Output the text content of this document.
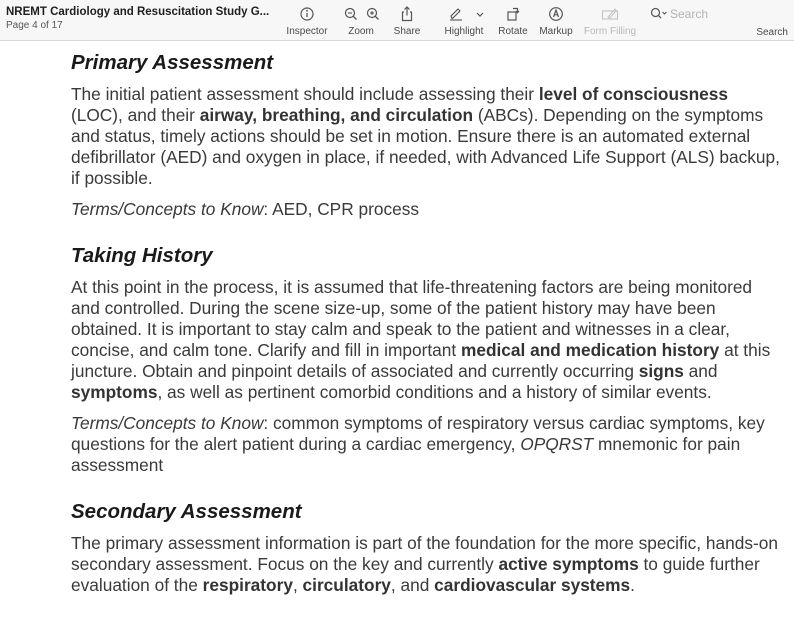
NREMT Cardiology and Resuscitation Study G...
Page 4 of 17
Inspector	Zoom	Share	Highlight	Rotate	Markup Form Filling
Search
Search
Primary Assessment

The initial patient assessment should include assessing their level of consciousness (LOC), and their airway, breathing, and circulation (ABCs). Depending on the symptoms and status, timely actions should be set in motion. Ensure there is an automated external defibrillator (AED) and oxygen in place, if needed, with Advanced Life Support (ALS) backup, if possible.

Terms/Concepts to Know: AED, CPR process

Taking History

At this point in the process, it is assumed that life-threatening factors are being monitored and controlled. During the scene size-up, some of the patient history may have been obtained. It is important to stay calm and speak to the patient and witnesses in a clear, concise, and calm tone. Clarify and fill in important medical and medication history at this juncture. Obtain and pinpoint details of associated and currently occurring signs and symptoms, as well as pertinent comorbid conditions and a history of similar events.

Terms/Concepts to Know: common symptoms of respiratory versus cardiac symptoms, key questions for the alert patient during a cardiac emergency, OPQRST mnemonic for pain assessment

Secondary Assessment

The primary assessment information is part of the foundation for the more specific, hands-on secondary assessment. Focus on the key and currently active symptoms to guide further evaluation of the respiratory, circulatory, and cardiovascular systems.
